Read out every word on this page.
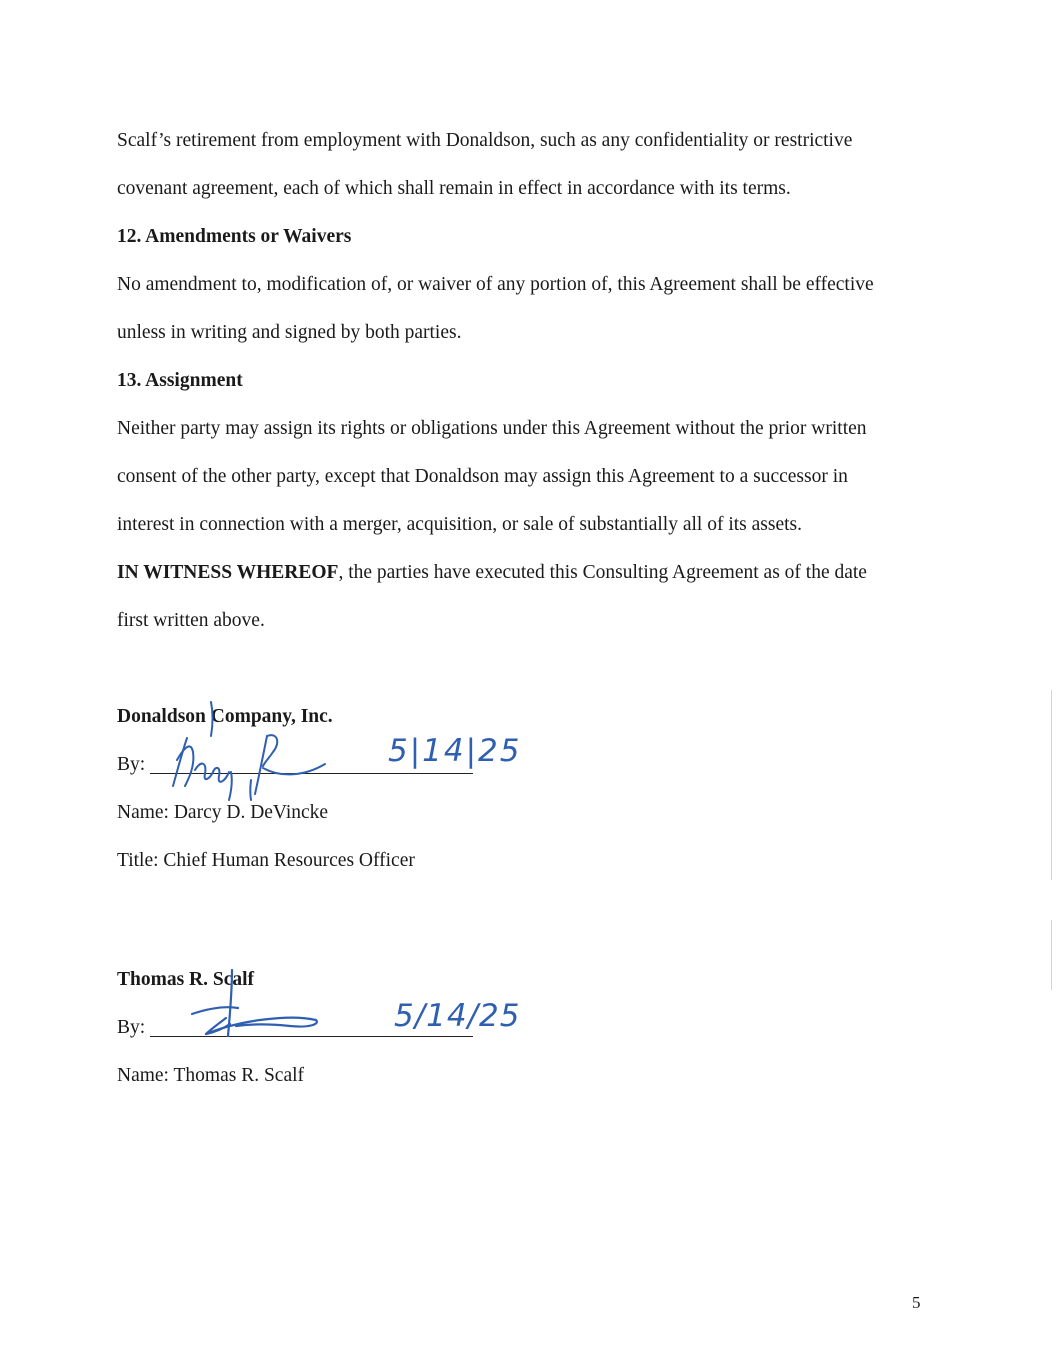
Scalf’s retirement from employment with Donaldson, such as any confidentiality or restrictive

covenant agreement, each of which shall remain in effect in accordance with its terms.

12. Amendments or Waivers

No amendment to, modification of, or waiver of any portion of, this Agreement shall be effective

unless in writing and signed by both parties.

13. Assignment

Neither party may assign its rights or obligations under this Agreement without the prior written

consent of the other party, except that Donaldson may assign this Agreement to a successor in

interest in connection with a merger, acquisition, or sale of substantially all of its assets.

IN WITNESS WHEREOF, the parties have executed this Consulting Agreement as of the date

first written above.

Donaldson Company, Inc.

By:	5|14|25

Name: Darcy D. DeVincke

Title: Chief Human Resources Officer

Thomas R. Scalf

By:	5/14/25

Name: Thomas R. Scalf

5
